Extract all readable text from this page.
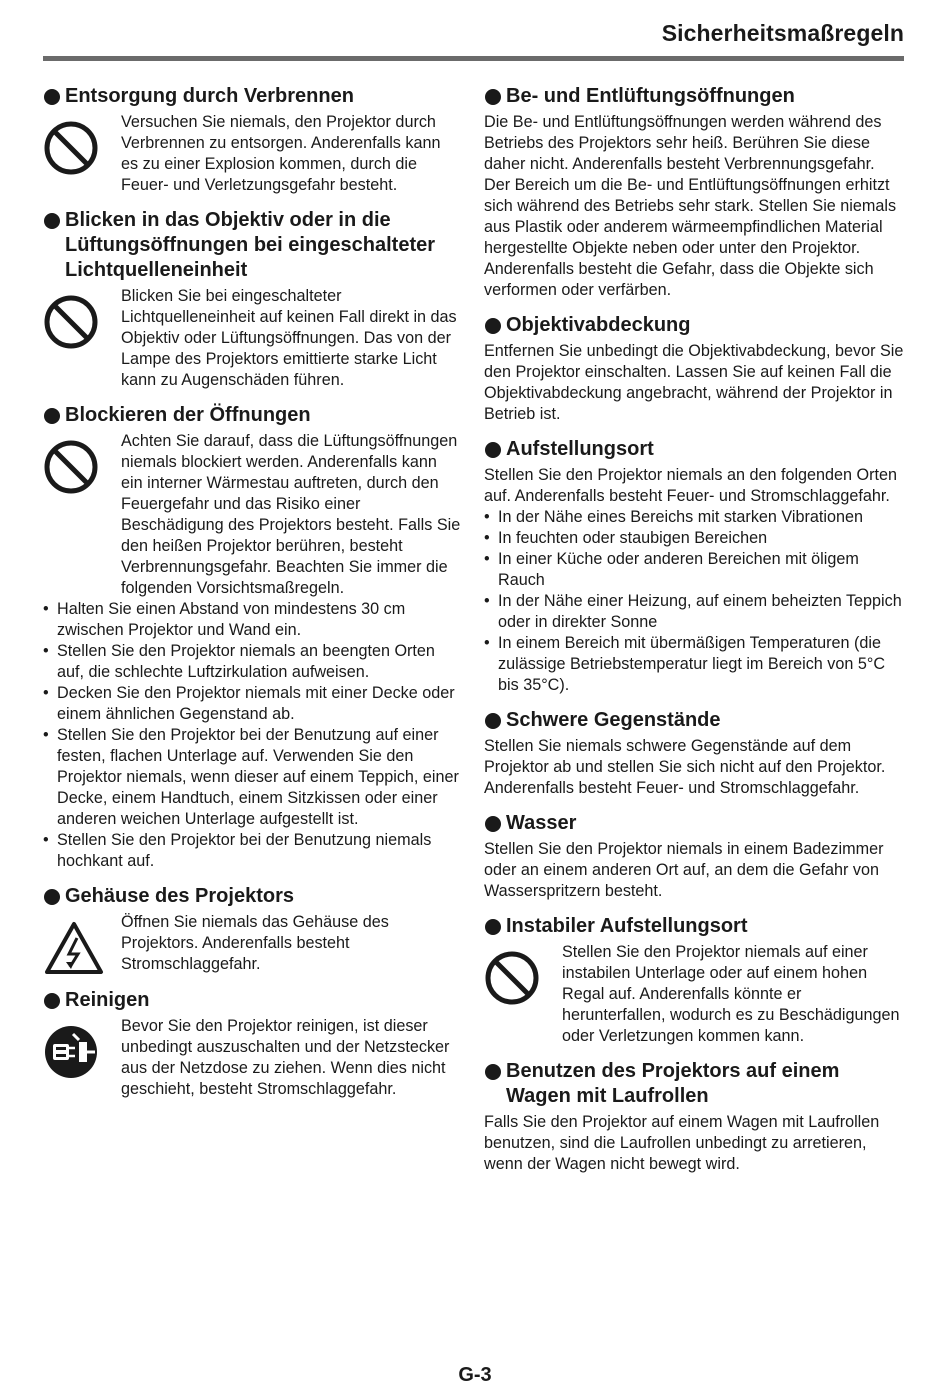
Sicherheitsmaßregeln
Entsorgung durch Verbrennen
Versuchen Sie niemals, den Projektor durch Verbrennen zu entsorgen. Anderenfalls kann es zu einer Explosion kommen, durch die Feuer- und Verletzungsgefahr besteht.
Blicken in das Objektiv oder in die Lüftungsöffnungen bei eingeschalteter Lichtquelleneinheit
Blicken Sie bei eingeschalteter Lichtquelleneinheit auf keinen Fall direkt in das Objektiv oder Lüftungsöffnungen. Das von der Lampe des Projektors emittierte starke Licht kann zu Augenschäden führen.
Blockieren der Öffnungen
Achten Sie darauf, dass die Lüftungsöffnungen niemals blockiert werden. Anderenfalls kann ein interner Wärmestau auftreten, durch den Feuergefahr und das Risiko einer Beschädigung des Projektors besteht. Falls Sie den heißen Projektor berühren, besteht Verbrennungsgefahr. Beachten Sie immer die folgenden Vorsichtsmaßregeln.
• Halten Sie einen Abstand von mindestens 30 cm zwischen Projektor und Wand ein.
• Stellen Sie den Projektor niemals an beengten Orten auf, die schlechte Luftzirkulation aufweisen.
• Decken Sie den Projektor niemals mit einer Decke oder einem ähnlichen Gegenstand ab.
• Stellen Sie den Projektor bei der Benutzung auf einer festen, flachen Unterlage auf. Verwenden Sie den Projektor niemals, wenn dieser auf einem Teppich, einer Decke, einem Handtuch, einem Sitzkissen oder einer anderen weichen Unterlage aufgestellt ist.
• Stellen Sie den Projektor bei der Benutzung niemals hochkant auf.
Gehäuse des Projektors
Öffnen Sie niemals das Gehäuse des Projektors. Anderenfalls besteht Stromschlaggefahr.
Reinigen
Bevor Sie den Projektor reinigen, ist dieser unbedingt auszuschalten und der Netzstecker aus der Netzdose zu ziehen. Wenn dies nicht geschieht, besteht Stromschlaggefahr.
Be- und Entlüftungsöffnungen
Die Be- und Entlüftungsöffnungen werden während des Betriebs des Projektors sehr heiß. Berühren Sie diese daher nicht. Anderenfalls besteht Verbrennungsgefahr. Der Bereich um die Be- und Entlüftungsöffnungen erhitzt sich während des Betriebs sehr stark. Stellen Sie niemals aus Plastik oder anderem wärmeempfindlichen Material hergestellte Objekte neben oder unter den Projektor. Anderenfalls besteht die Gefahr, dass die Objekte sich verformen oder verfärben.
Objektivabdeckung
Entfernen Sie unbedingt die Objektivabdeckung, bevor Sie den Projektor einschalten. Lassen Sie auf keinen Fall die Objektivabdeckung angebracht, während der Projektor in Betrieb ist.
Aufstellungsort
Stellen Sie den Projektor niemals an den folgenden Orten auf. Anderenfalls besteht Feuer- und Stromschlaggefahr.
• In der Nähe eines Bereichs mit starken Vibrationen
• In feuchten oder staubigen Bereichen
• In einer Küche oder anderen Bereichen mit öligem Rauch
• In der Nähe einer Heizung, auf einem beheizten Teppich oder in direkter Sonne
• In einem Bereich mit übermäßigen Temperaturen (die zulässige Betriebstemperatur liegt im Bereich von 5°C bis 35°C).
Schwere Gegenstände
Stellen Sie niemals schwere Gegenstände auf dem Projektor ab und stellen Sie sich nicht auf den Projektor. Anderenfalls besteht Feuer- und Stromschlaggefahr.
Wasser
Stellen Sie den Projektor niemals in einem Badezimmer oder an einem anderen Ort auf, an dem die Gefahr von Wasserspritzern besteht.
Instabiler Aufstellungsort
Stellen Sie den Projektor niemals auf einer instabilen Unterlage oder auf einem hohen Regal auf. Anderenfalls könnte er herunterfallen, wodurch es zu Beschädigungen oder Verletzungen kommen kann.
Benutzen des Projektors auf einem Wagen mit Laufrollen
Falls Sie den Projektor auf einem Wagen mit Laufrollen benutzen, sind die Laufrollen unbedingt zu arretieren, wenn der Wagen nicht bewegt wird.
G-3
